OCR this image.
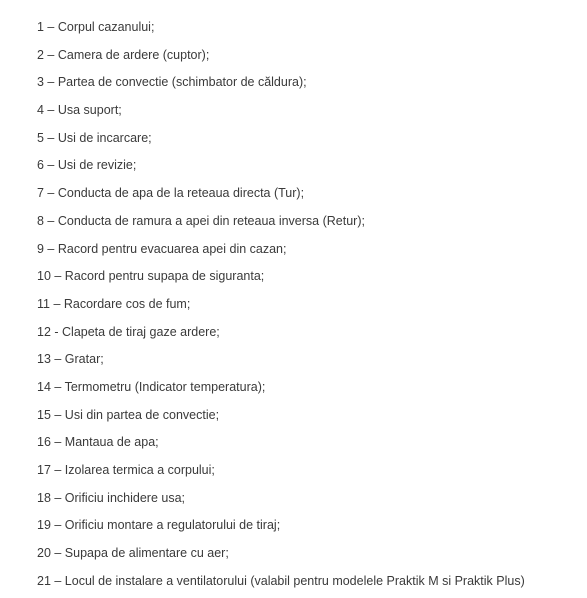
1 – Corpul cazanului;
2 – Camera de ardere (cuptor);
3 – Partea de convectie (schimbator de căldura);
4 – Usa suport;
5 – Usi de incarcare;
6 – Usi de revizie;
7 – Conducta de apa de la reteaua directa (Tur);
8 – Conducta de ramura a apei din reteaua inversa (Retur);
9 – Racord pentru evacuarea apei din cazan;
10 – Racord pentru supapa de siguranta;
11 – Racordare cos de fum;
12 - Clapeta de tiraj gaze ardere;
13 – Gratar;
14 – Termometru (Indicator temperatura);
15 – Usi din partea de convectie;
16 – Mantaua de apa;
17 – Izolarea termica a corpului;
18 – Orificiu inchidere usa;
19 – Orificiu montare a regulatorului de tiraj;
20 – Supapa de alimentare cu aer;
21 – Locul de instalare a ventilatorului (valabil pentru modelele Praktik M si Praktik Plus)
